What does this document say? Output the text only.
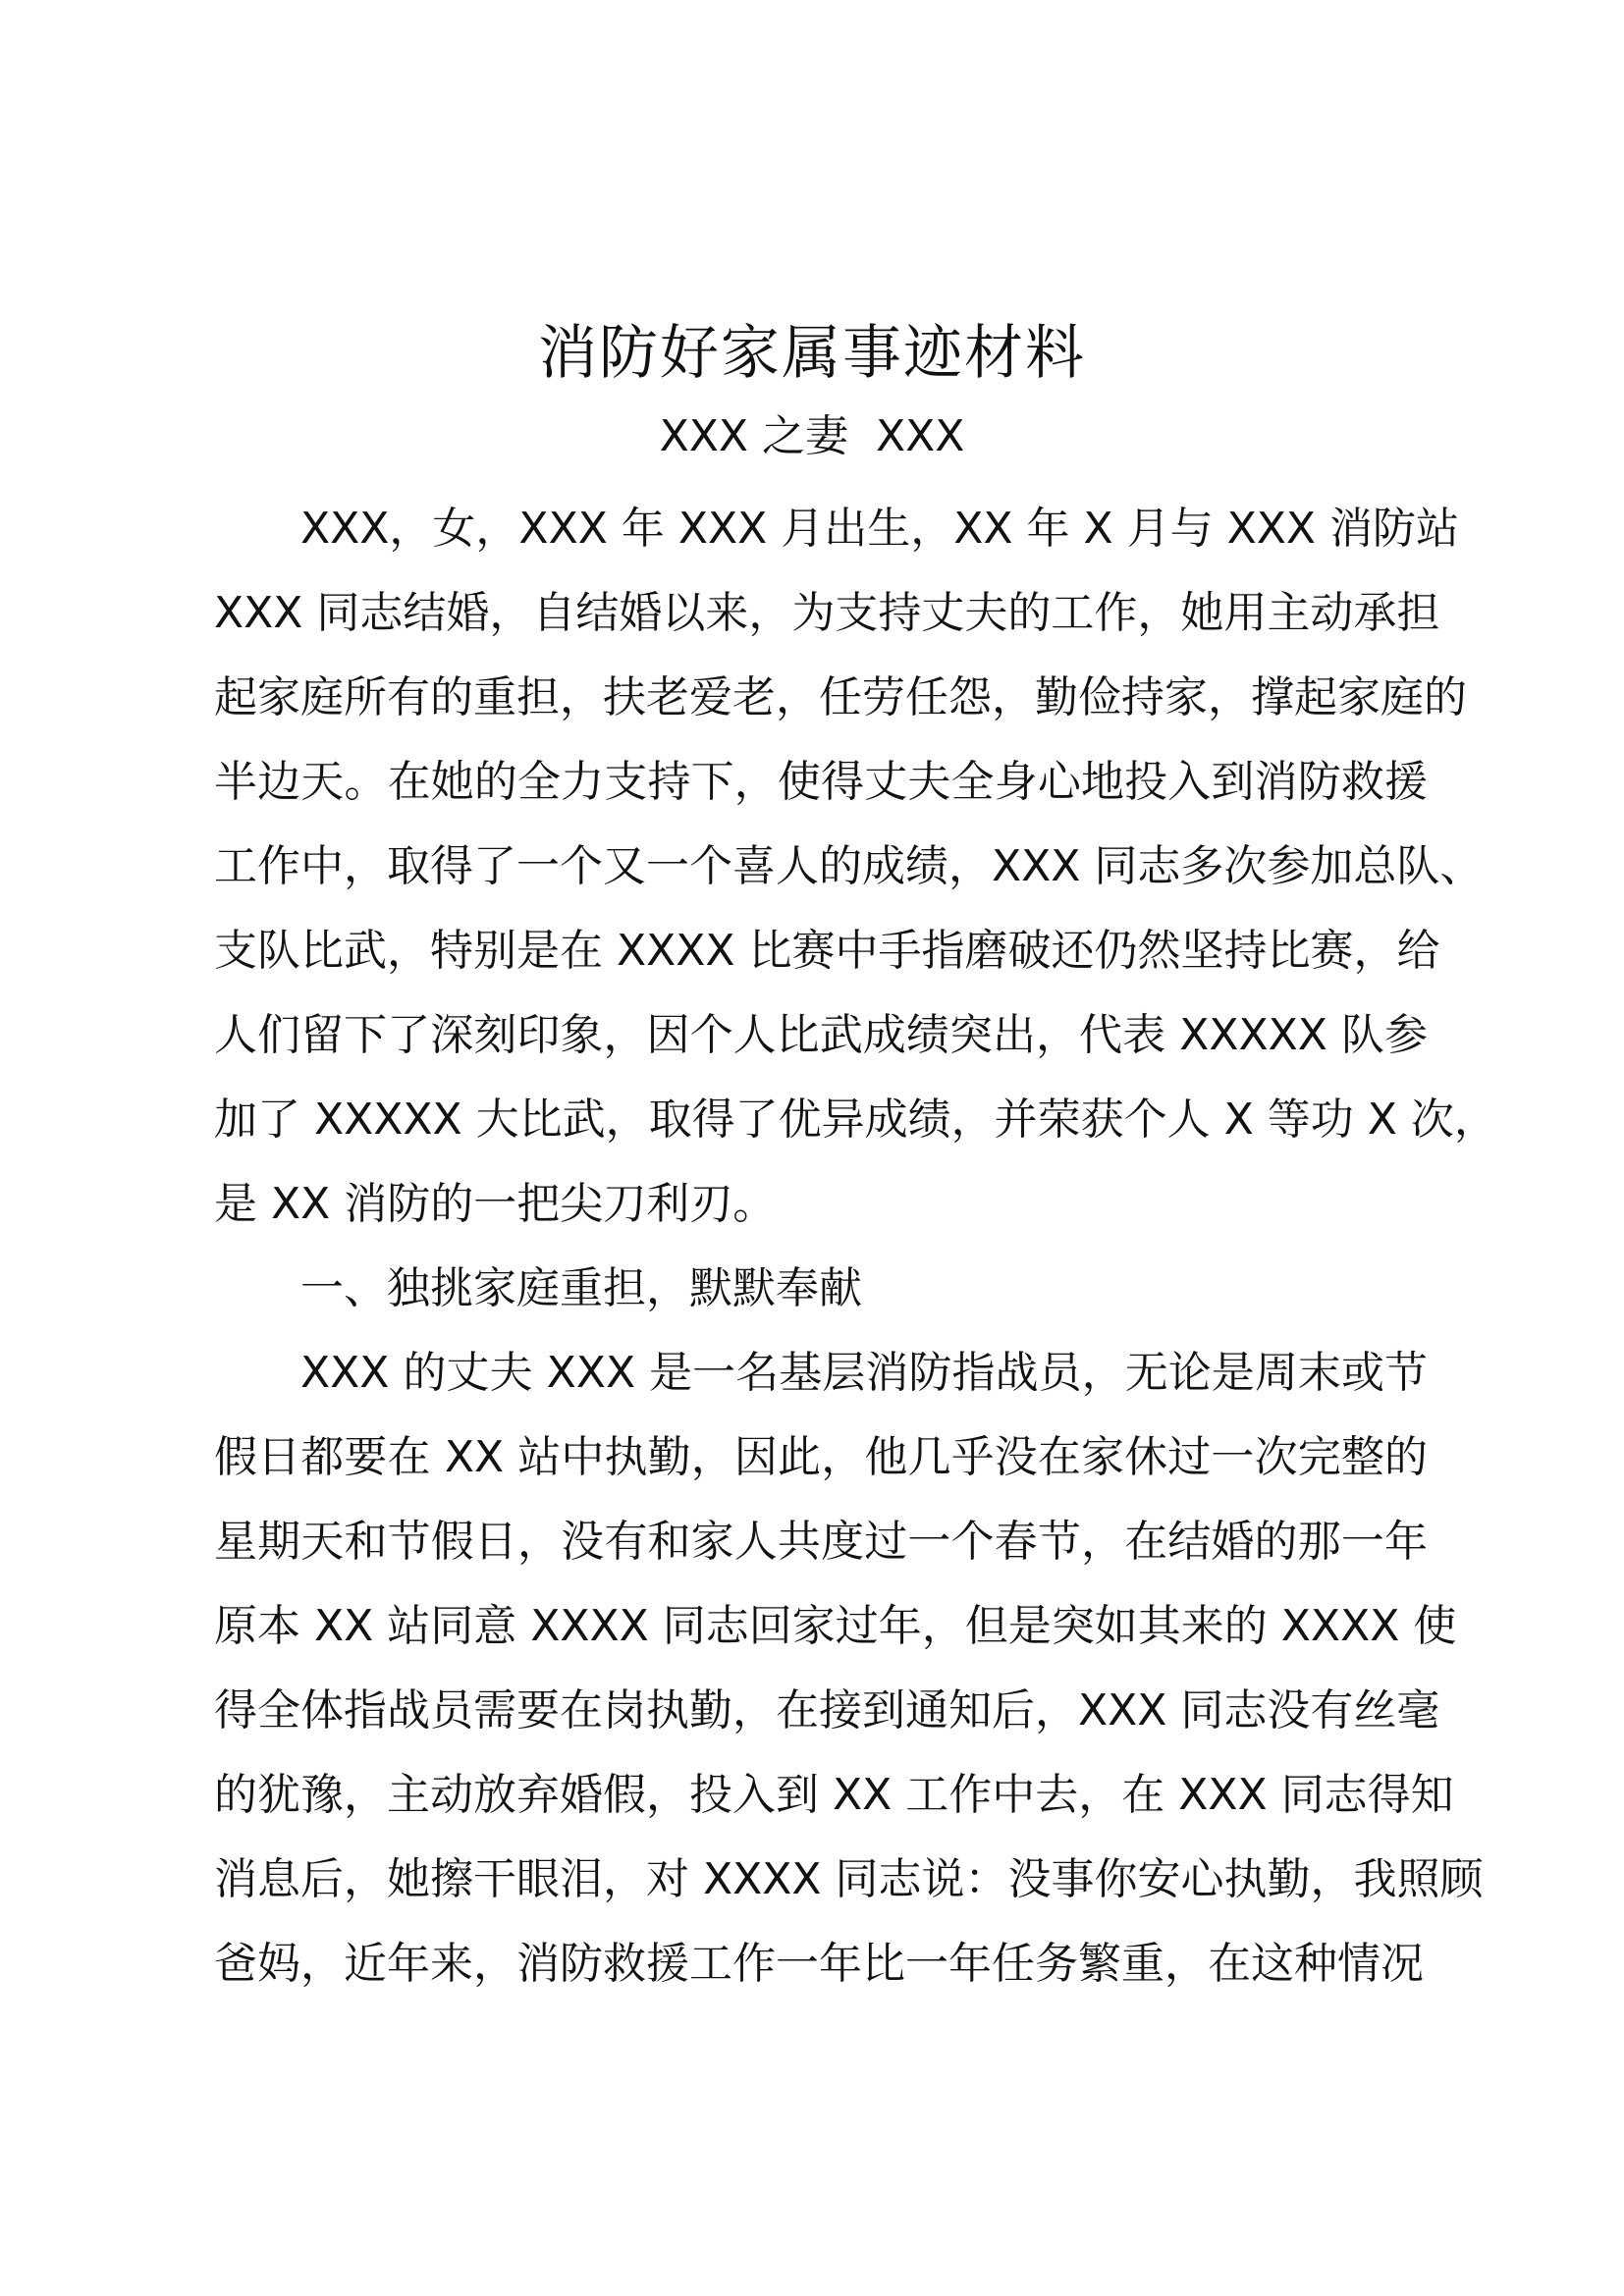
消防好家属事迹材料
XXX 之妻  XXX
XXX，女，XXX 年 XXX 月出生，XX 年 X 月与 XXX 消防站
XXX 同志结婚，自结婚以来，为支持丈夫的工作，她用主动承担
起家庭所有的重担，扶老爱老，任劳任怨，勤俭持家，撑起家庭的
半边天。在她的全力支持下，使得丈夫全身心地投入到消防救援
工作中，取得了一个又一个喜人的成绩，XXX 同志多次参加总队、
支队比武，特别是在 XXXX 比赛中手指磨破还仍然坚持比赛，给
人们留下了深刻印象，因个人比武成绩突出，代表 XXXXX 队参
加了 XXXXX 大比武，取得了优异成绩，并荣获个人 X 等功 X 次，
是 XX 消防的一把尖刀利刃。
一、独挑家庭重担，默默奉献
XXX 的丈夫 XXX 是一名基层消防指战员，无论是周末或节
假日都要在 XX 站中执勤，因此，他几乎没在家休过一次完整的
星期天和节假日，没有和家人共度过一个春节，在结婚的那一年
原本 XX 站同意 XXXX 同志回家过年，但是突如其来的 XXXX 使
得全体指战员需要在岗执勤，在接到通知后，XXX 同志没有丝毫
的犹豫，主动放弃婚假，投入到 XX 工作中去，在 XXX 同志得知
消息后，她擦干眼泪，对 XXXX 同志说：没事你安心执勤，我照顾
爸妈，近年来，消防救援工作一年比一年任务繁重，在这种情况
